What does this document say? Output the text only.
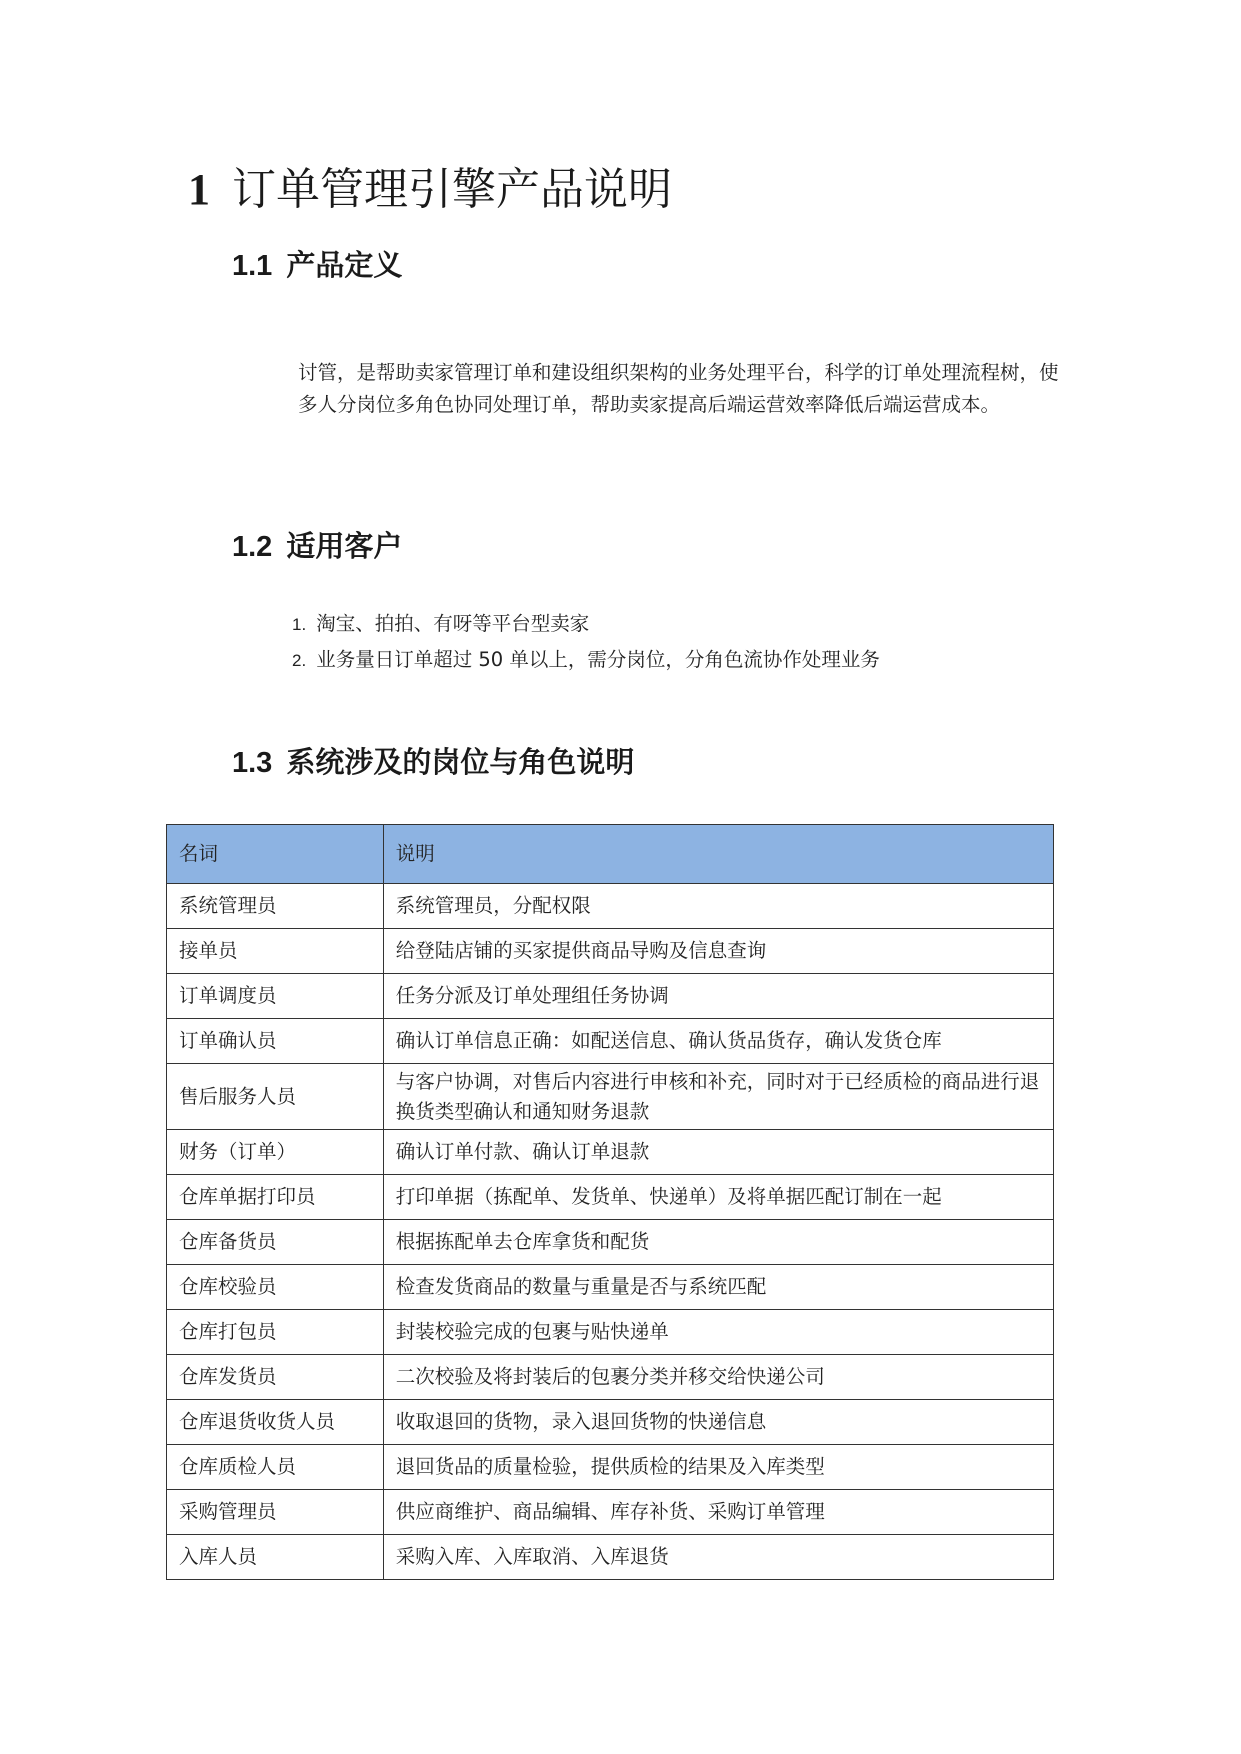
1 订单管理引擎产品说明
1.1 产品定义

讨管，是帮助卖家管理订单和建设组织架构的业务处理平台，科学的订单处理流程树，使多人分岗位多角色协同处理订单，帮助卖家提高后端运营效率降低后端运营成本。

1.2 适用客户
1. 淘宝、拍拍、有呀等平台型卖家
2. 业务量日订单超过 50 单以上，需分岗位，分角色流协作处理业务
1.3 系统涉及的岗位与角色说明
名词	说明
系统管理员	系统管理员，分配权限
接单员	给登陆店铺的买家提供商品导购及信息查询
订单调度员	任务分派及订单处理组任务协调
订单确认员	确认订单信息正确：如配送信息、确认货品货存，确认发货仓库
售后服务人员	与客户协调，对售后内容进行申核和补充，同时对于已经质检的商品进行退换货类型确认和通知财务退款
财务（订单）	确认订单付款、确认订单退款
仓库单据打印员	打印单据（拣配单、发货单、快递单）及将单据匹配订制在一起
仓库备货员	根据拣配单去仓库拿货和配货
仓库校验员	检查发货商品的数量与重量是否与系统匹配
仓库打包员	封装校验完成的包裹与贴快递单
仓库发货员	二次校验及将封装后的包裹分类并移交给快递公司
仓库退货收货人员	收取退回的货物，录入退回货物的快递信息
仓库质检人员	退回货品的质量检验，提供质检的结果及入库类型
采购管理员	供应商维护、商品编辑、库存补货、采购订单管理
入库人员	采购入库、入库取消、入库退货
